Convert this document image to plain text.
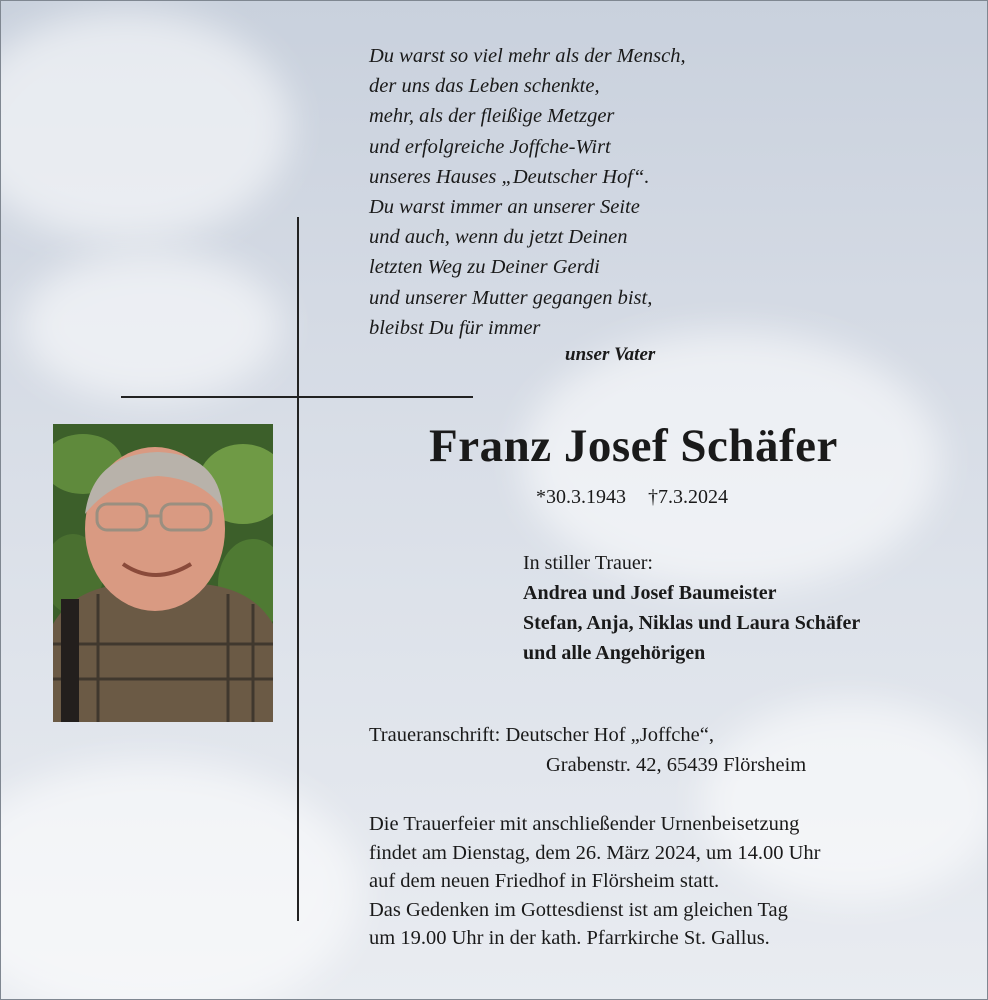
Du warst so viel mehr als der Mensch,
der uns das Leben schenkte,
mehr, als der fleißige Metzger
und erfolgreiche Joffche-Wirt
unseres Hauses „Deutscher Hof“.
Du warst immer an unserer Seite
und auch, wenn du jetzt Deinen
letzten Weg zu Deiner Gerdi
und unserer Mutter gegangen bist,
bleibst Du für immer

unser Vater

Franz Josef Schäfer
*30.3.1943 †7.3.2024
In stiller Trauer:
Andrea und Josef Baumeister
Stefan, Anja, Niklas und Laura Schäfer
und alle Angehörigen
Traueranschrift: Deutscher Hof „Joffche“,
Grabenstr. 42, 65439 Flörsheim
Die Trauerfeier mit anschließender Urnenbeisetzung
findet am Dienstag, dem 26. März 2024, um 14.00 Uhr
auf dem neuen Friedhof in Flörsheim statt.
Das Gedenken im Gottesdienst ist am gleichen Tag
um 19.00 Uhr in der kath. Pfarrkirche St. Gallus.
